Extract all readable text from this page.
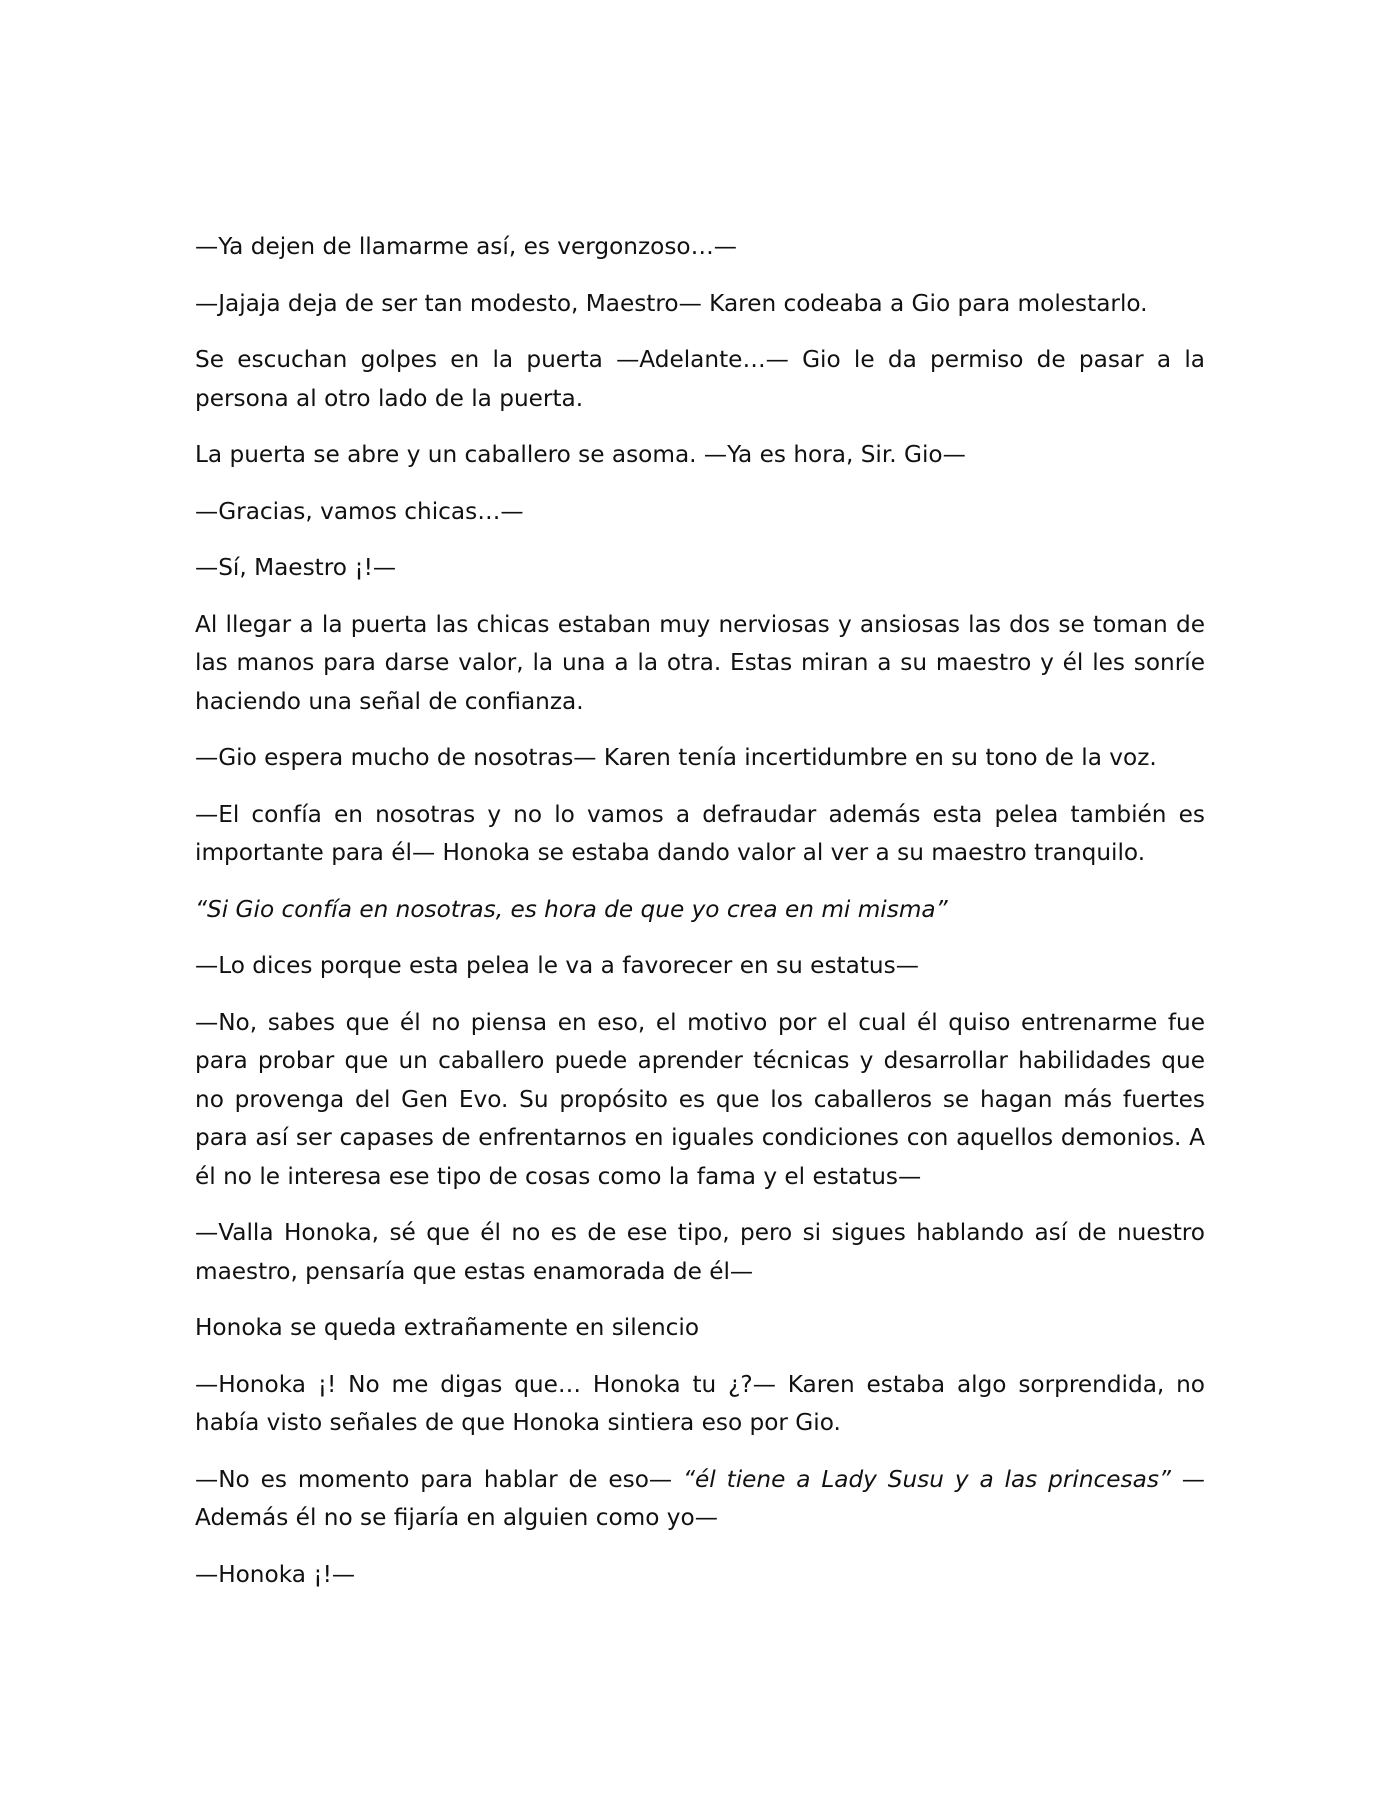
—Ya dejen de llamarme así, es vergonzoso…—

—Jajaja deja de ser tan modesto, Maestro— Karen codeaba a Gio para molestarlo.

Se escuchan golpes en la puerta —Adelante…— Gio le da permiso de pasar a la persona al otro lado de la puerta.

La puerta se abre y un caballero se asoma. —Ya es hora, Sir. Gio—

—Gracias, vamos chicas…—

—Sí, Maestro ¡!—

Al llegar a la puerta las chicas estaban muy nerviosas y ansiosas las dos se toman de las manos para darse valor, la una a la otra. Estas miran a su maestro y él les sonríe haciendo una señal de confianza.

—Gio espera mucho de nosotras— Karen tenía incertidumbre en su tono de la voz.

—El confía en nosotras y no lo vamos a defraudar además esta pelea también es importante para él— Honoka se estaba dando valor al ver a su maestro tranquilo.

“Si Gio confía en nosotras, es hora de que yo crea en mi misma”

—Lo dices porque esta pelea le va a favorecer en su estatus—

—No, sabes que él no piensa en eso, el motivo por el cual él quiso entrenarme fue para probar que un caballero puede aprender técnicas y desarrollar habilidades que no provenga del Gen Evo. Su propósito es que los caballeros se hagan más fuertes para así ser capases de enfrentarnos en iguales condiciones con aquellos demonios. A él no le interesa ese tipo de cosas como la fama y el estatus—

—Valla Honoka, sé que él no es de ese tipo, pero si sigues hablando así de nuestro maestro, pensaría que estas enamorada de él—

Honoka se queda extrañamente en silencio

—Honoka ¡! No me digas que… Honoka tu ¿?— Karen estaba algo sorprendida, no había visto señales de que Honoka sintiera eso por Gio.

—No es momento para hablar de eso— “él tiene a Lady Susu y a las princesas” —Además él no se fijaría en alguien como yo—

—Honoka ¡!—
